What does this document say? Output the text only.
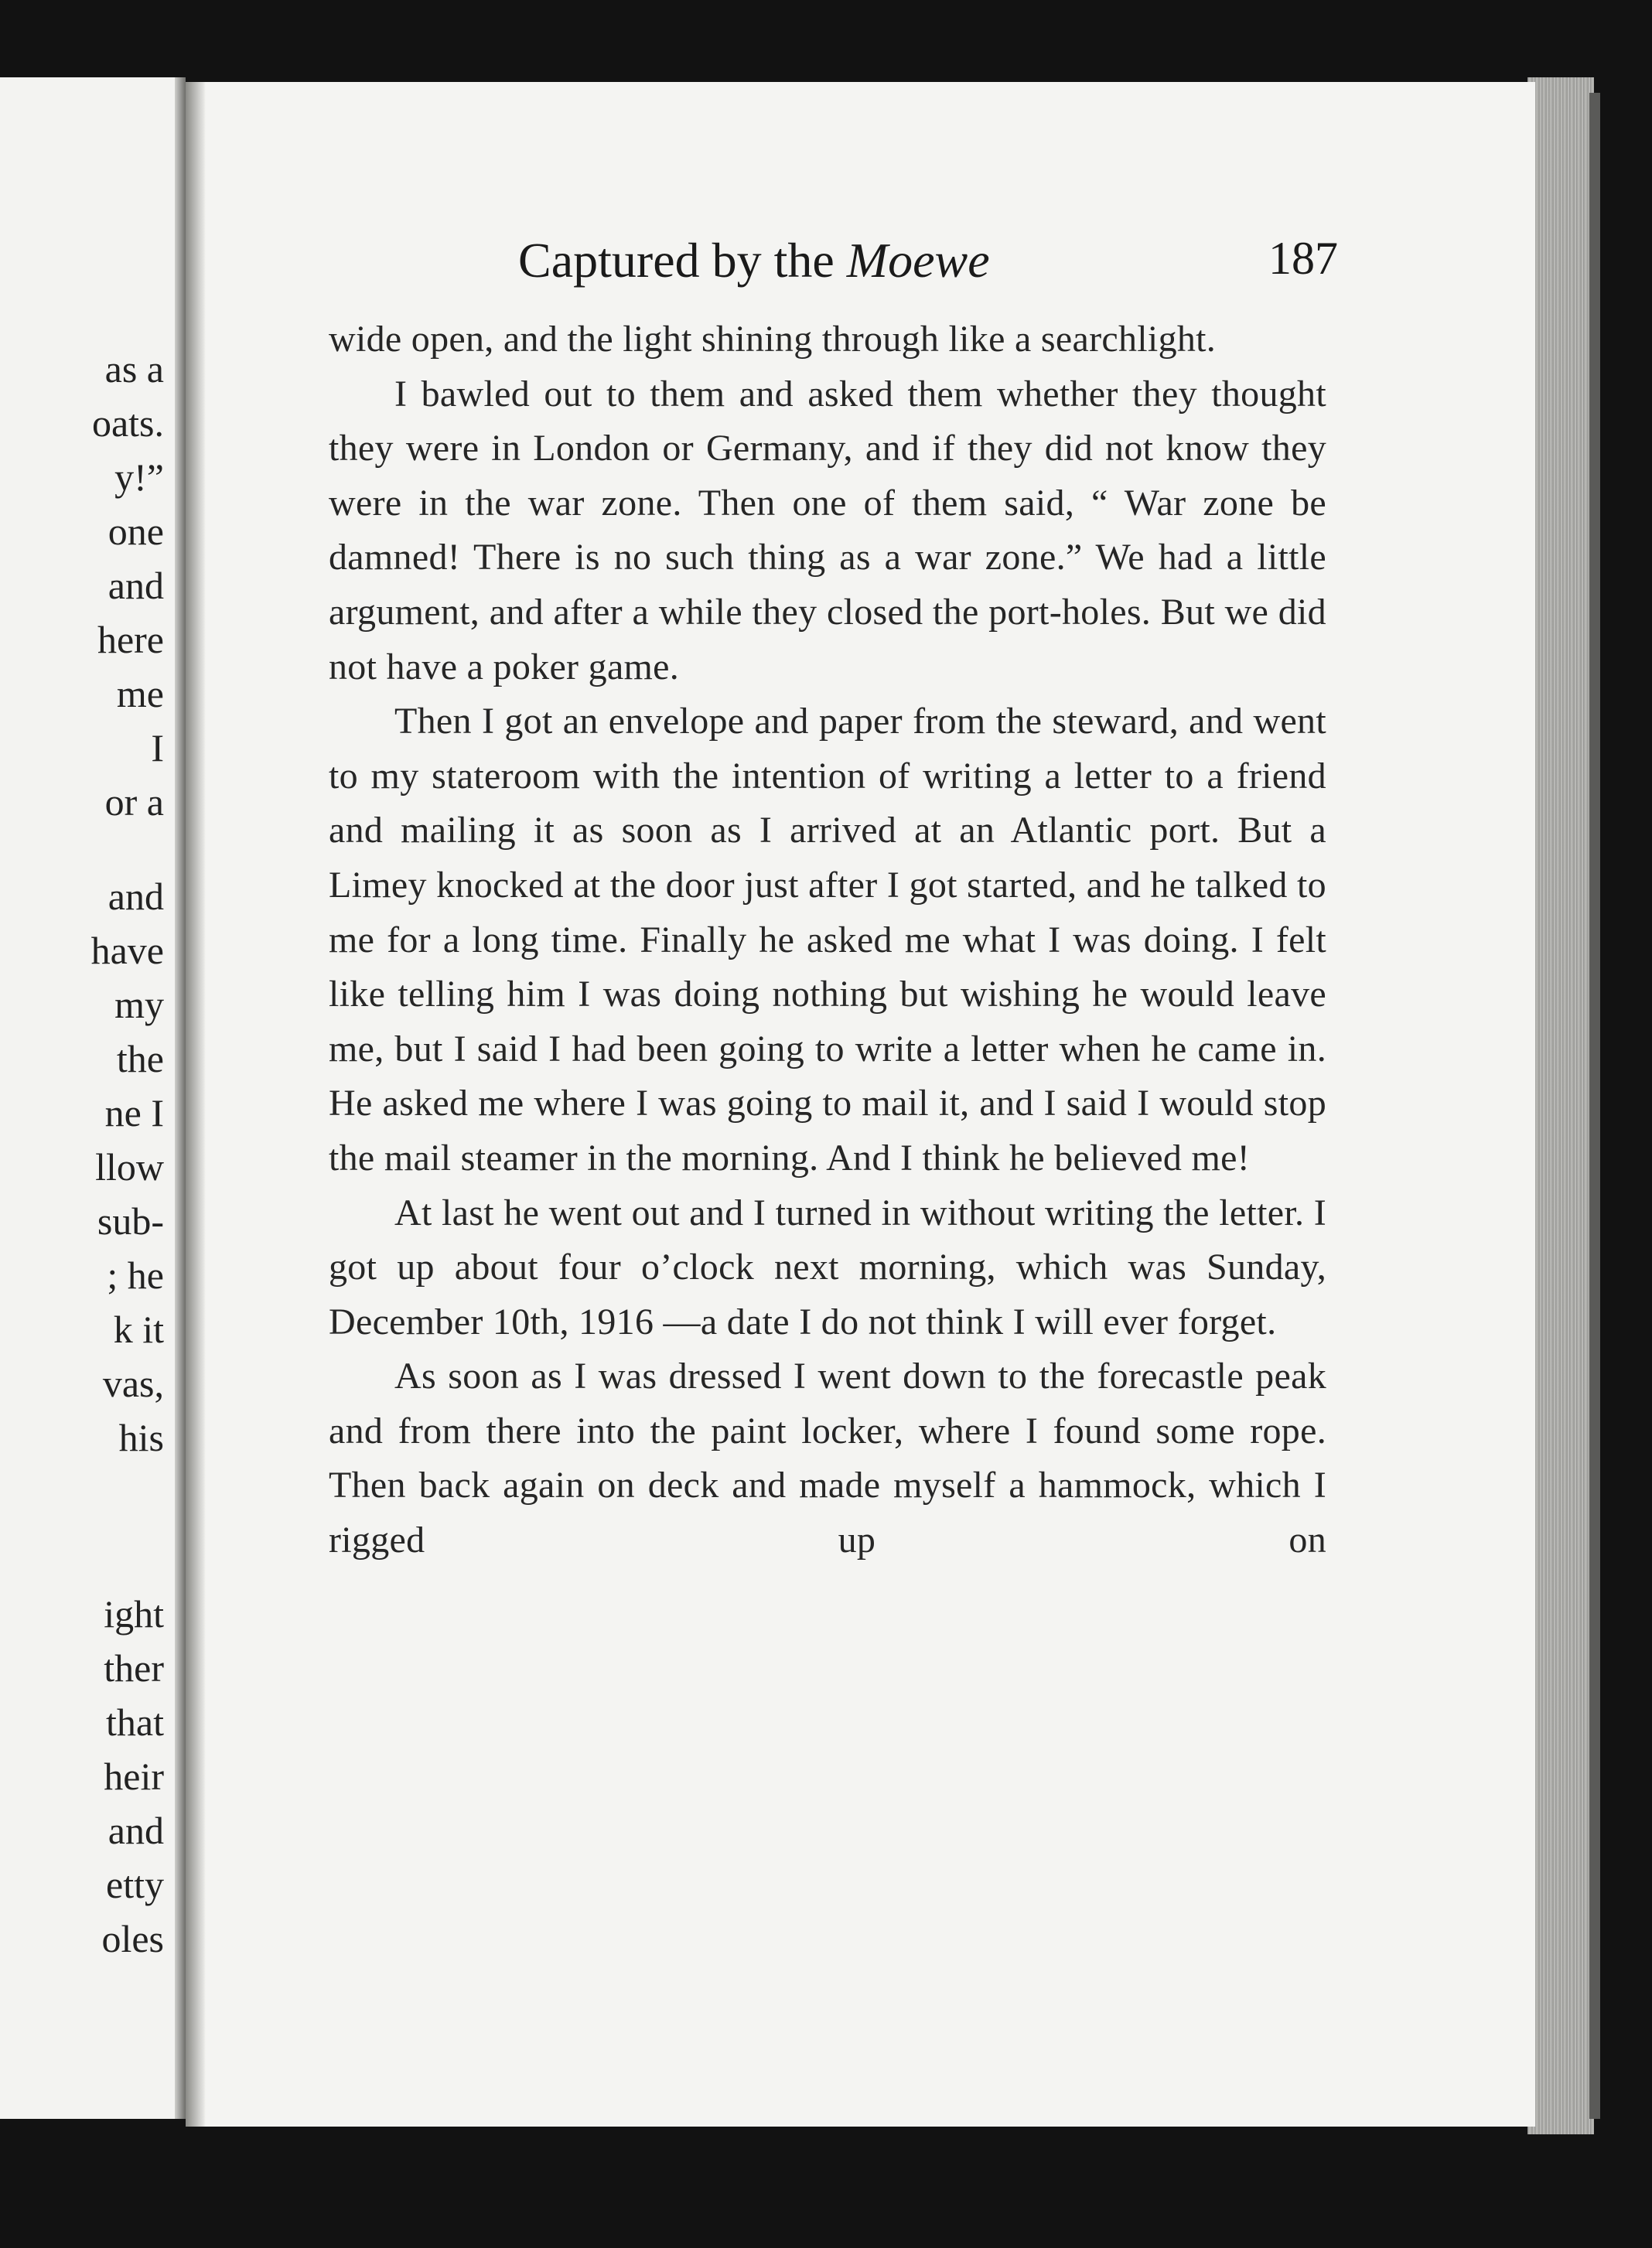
as a
oats.
y!”
one
and
here
me
I
or a
and
have
my
the
ne I
llow
sub-
; he
k it
vas,
his
ight
ther
that
heir
and
etty
oles
Captured by the Moewe	187

wide open, and the light shining through like a searchlight.

I bawled out to them and asked them whether they thought they were in London or Germany, and if they did not know they were in the war zone. Then one of them said, “ War zone be damned! There is no such thing as a war zone.” We had a little argument, and after a while they closed the port-holes. But we did not have a poker game.

Then I got an envelope and paper from the steward, and went to my stateroom with the intention of writing a letter to a friend and mailing it as soon as I arrived at an Atlantic port. But a Limey knocked at the door just after I got started, and he talked to me for a long time. Finally he asked me what I was doing. I felt like telling him I was doing nothing but wishing he would leave me, but I said I had been going to write a letter when he came in. He asked me where I was going to mail it, and I said I would stop the mail steamer in the morning. And I think he believed me!

At last he went out and I turned in without writing the letter. I got up about four o’clock next morning, which was Sunday, December 10th, 1916 —a date I do not think I will ever forget.

As soon as I was dressed I went down to the forecastle peak and from there into the paint locker, where I found some rope. Then back again on deck and made myself a hammock, which I rigged up on
